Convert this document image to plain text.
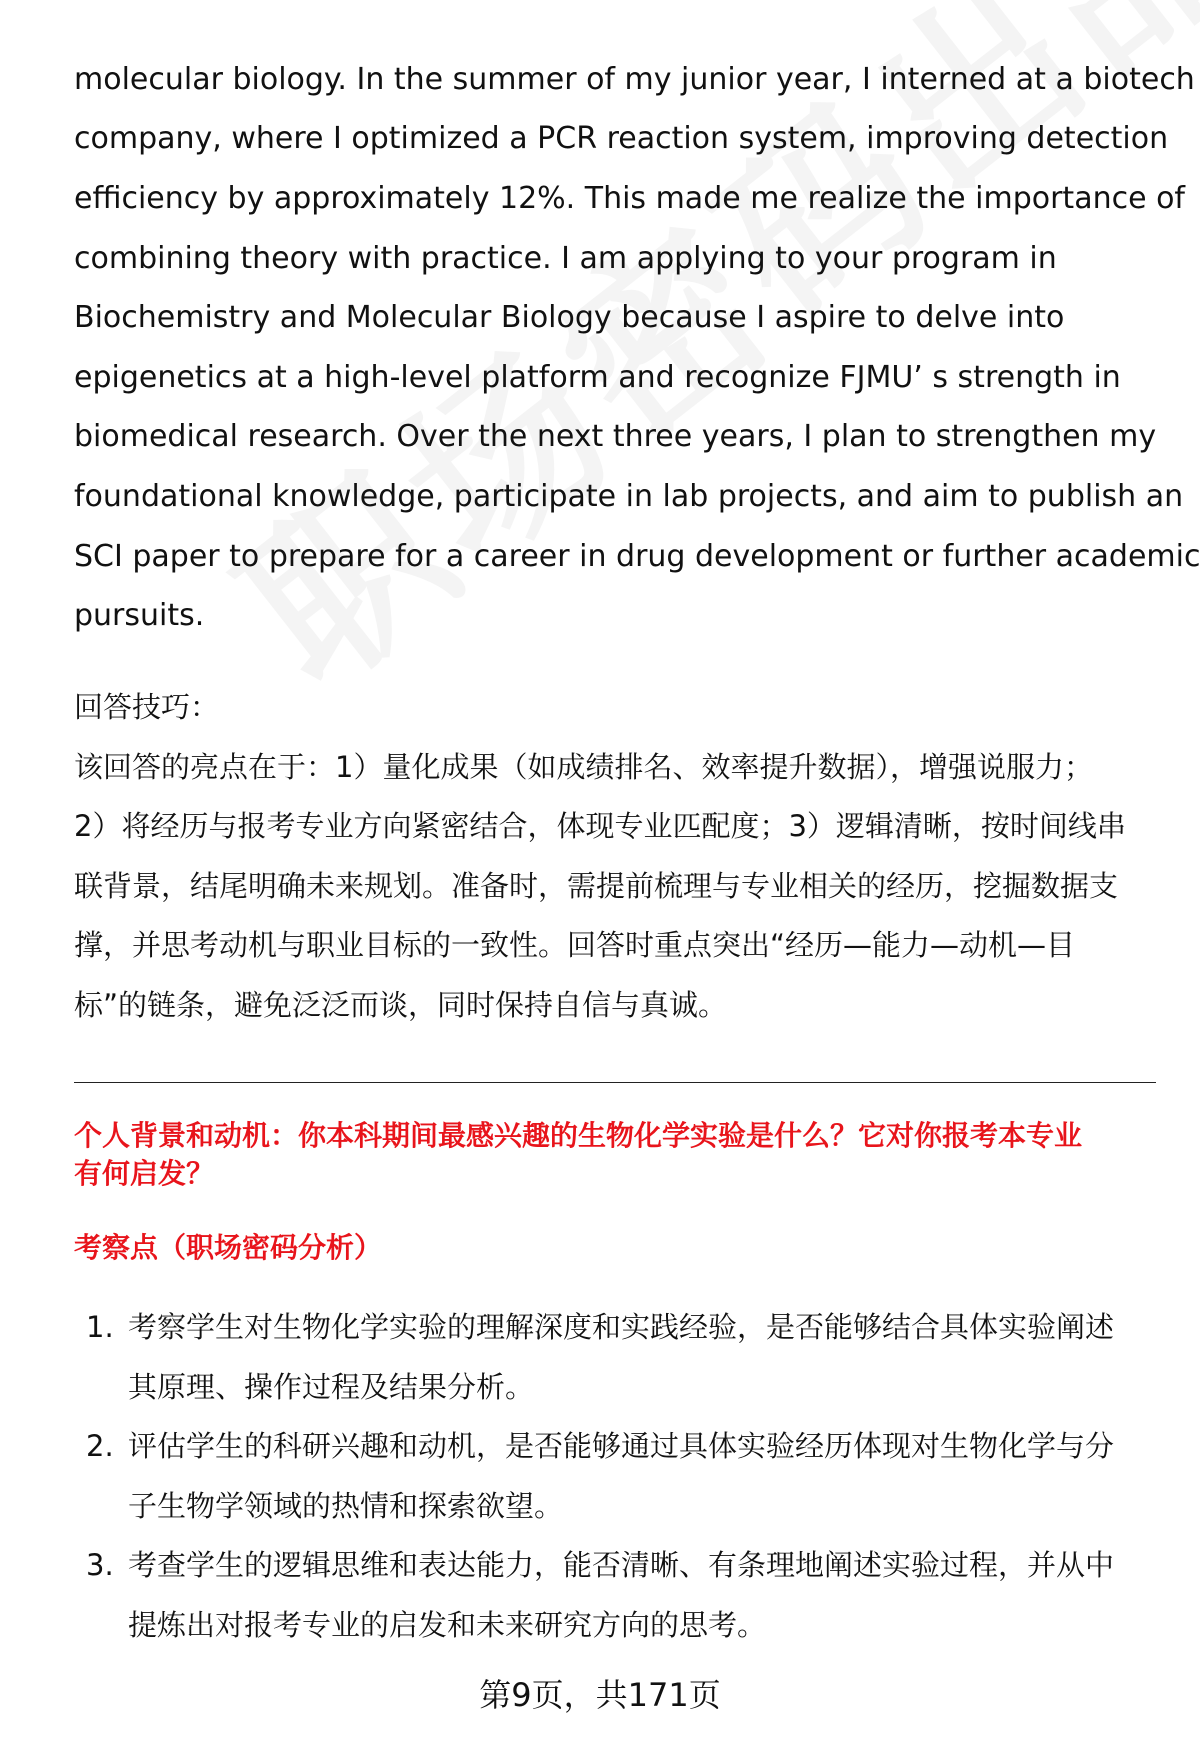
molecular biology. In the summer of my junior year, I interned at a biotech
company, where I optimized a PCR reaction system, improving detection
efficiency by approximately 12%. This made me realize the importance of
combining theory with practice. I am applying to your program in
Biochemistry and Molecular Biology because I aspire to delve into
epigenetics at a high-level platform and recognize FJMU’ s strength in
biomedical research. Over the next three years, I plan to strengthen my
foundational knowledge, participate in lab projects, and aim to publish an
SCI paper to prepare for a career in drug development or further academic
pursuits.
回答技巧：
该回答的亮点在于：1）量化成果（如成绩排名、效率提升数据），增强说服力；
2）将经历与报考专业方向紧密结合，体现专业匹配度；3）逻辑清晰，按时间线串
联背景，结尾明确未来规划。准备时，需提前梳理与专业相关的经历，挖掘数据支
撑，并思考动机与职业目标的一致性。回答时重点突出“经历—能力—动机—目
标”的链条，避免泛泛而谈，同时保持自信与真诚。
个人背景和动机：你本科期间最感兴趣的生物化学实验是什么？它对你报考本专业
有何启发？
考察点（职场密码分析）
1. 考察学生对生物化学实验的理解深度和实践经验，是否能够结合具体实验阐述
其原理、操作过程及结果分析。
2. 评估学生的科研兴趣和动机，是否能够通过具体实验经历体现对生物化学与分
子生物学领域的热情和探索欲望。
3. 考查学生的逻辑思维和表达能力，能否清晰、有条理地阐述实验过程，并从中
提炼出对报考专业的启发和未来研究方向的思考。
第9页，共171页
